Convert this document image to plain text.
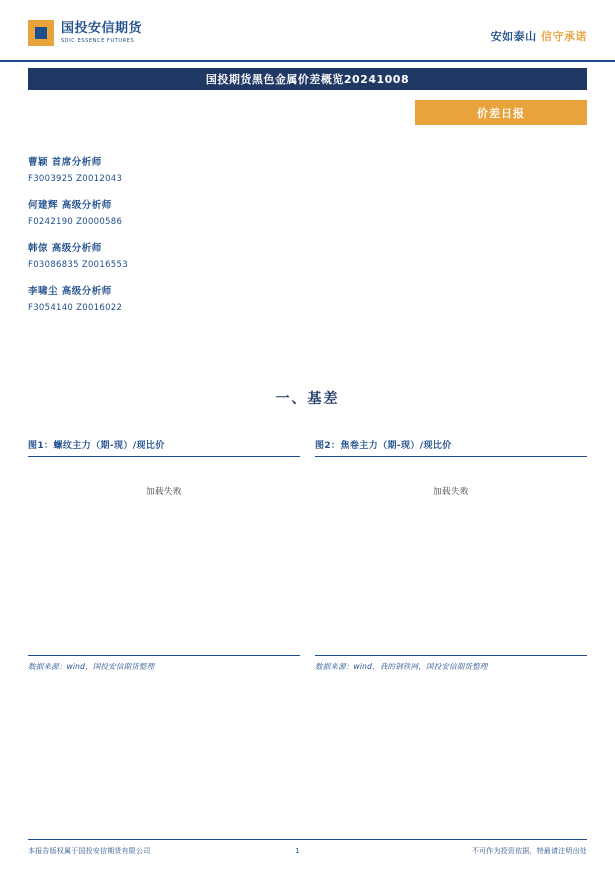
国投安信期货
SDIC ESSENCE FUTURES	安如泰山 信守承诺
国投期货黑色金属价差概览20241008
价差日报
曹颖 首席分析师
F3003925 Z0012043
何建辉 高级分析师
F0242190 Z0000586
韩倞 高级分析师
F03086835 Z0016553
李啸尘 高级分析师
F3054140 Z0016022
一、基差
图1：螺纹主力（期-现）/现比价
加载失败
数据来源：wind，国投安信期货整理
图2：焦卷主力（期-现）/现比价
加载失败
数据来源：wind，我的钢铁网，国投安信期货整理
本报告版权属于国投安信期货有限公司	1	不可作为投资依据，特最请注明出处
